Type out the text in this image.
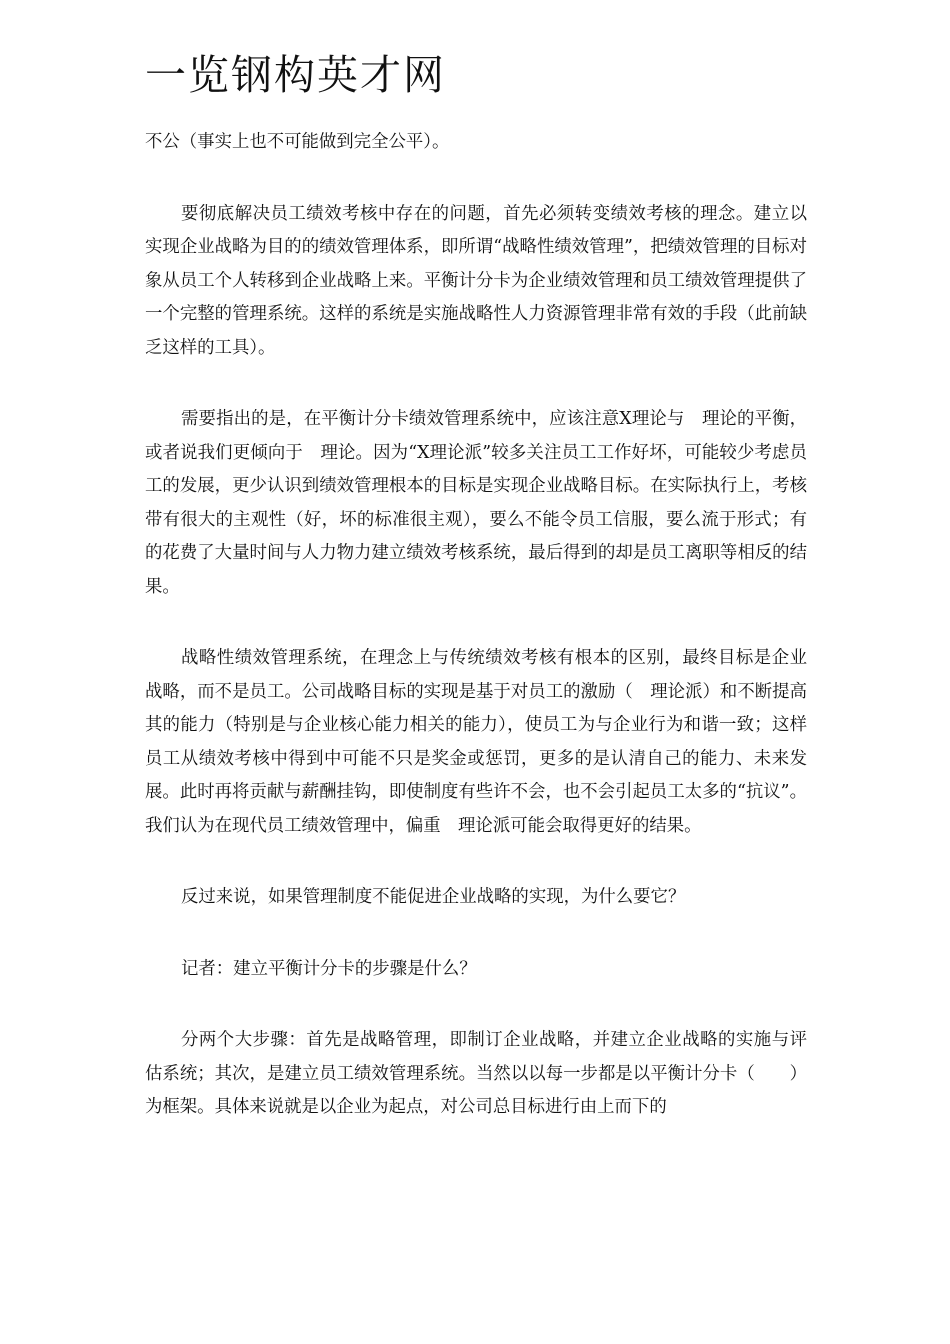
一览钢构英才网

不公（事实上也不可能做到完全公平）。

要彻底解决员工绩效考核中存在的问题，首先必须转变绩效考核的理念。建立以实现企业战略为目的的绩效管理体系，即所谓“战略性绩效管理”，把绩效管理的目标对象从员工个人转移到企业战略上来。平衡计分卡为企业绩效管理和员工绩效管理提供了一个完整的管理系统。这样的系统是实施战略性人力资源管理非常有效的手段（此前缺乏这样的工具）。

需要指出的是，在平衡计分卡绩效管理系统中，应该注意X理论与　理论的平衡，或者说我们更倾向于　理论。因为“X理论派”较多关注员工工作好坏，可能较少考虑员工的发展，更少认识到绩效管理根本的目标是实现企业战略目标。在实际执行上，考核带有很大的主观性（好，坏的标准很主观），要么不能令员工信服，要么流于形式；有的花费了大量时间与人力物力建立绩效考核系统，最后得到的却是员工离职等相反的结果。

战略性绩效管理系统，在理念上与传统绩效考核有根本的区别，最终目标是企业战略，而不是员工。公司战略目标的实现是基于对员工的激励（　理论派）和不断提高其的能力（特别是与企业核心能力相关的能力），使员工为与企业行为和谐一致；这样员工从绩效考核中得到中可能不只是奖金或惩罚，更多的是认清自己的能力、未来发展。此时再将贡献与薪酬挂钩，即使制度有些许不会，也不会引起员工太多的“抗议”。我们认为在现代员工绩效管理中，偏重　理论派可能会取得更好的结果。

反过来说，如果管理制度不能促进企业战略的实现，为什么要它？

记者：建立平衡计分卡的步骤是什么？

分两个大步骤：首先是战略管理，即制订企业战略，并建立企业战略的实施与评估系统；其次，是建立员工绩效管理系统。当然以以每一步都是以平衡计分卡（　　）为框架。具体来说就是以企业为起点，对公司总目标进行由上而下的
